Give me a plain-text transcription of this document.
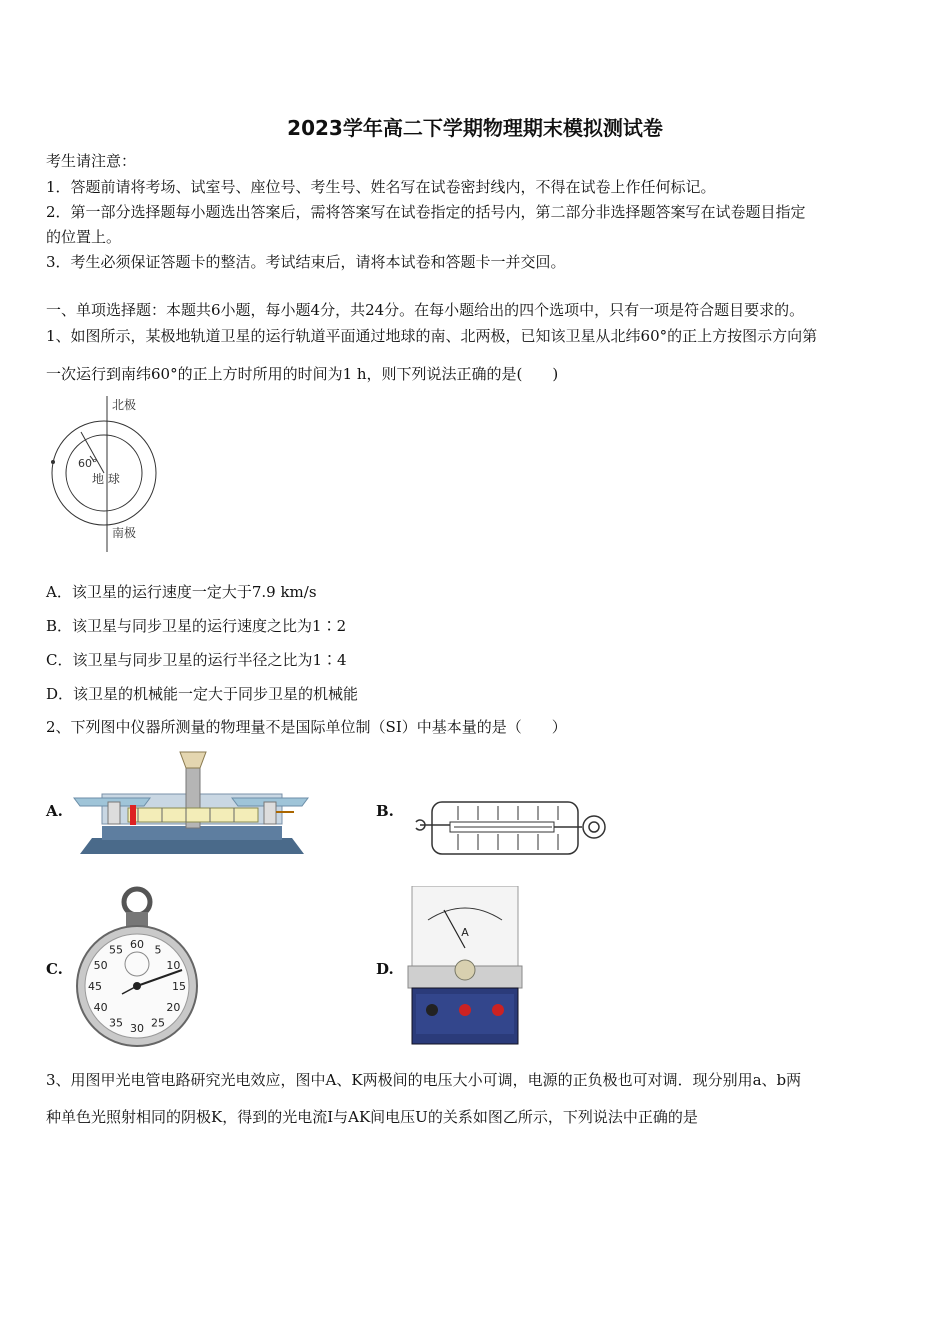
2023学年高二下学期物理期末模拟测试卷
考生请注意：
1．答题前请将考场、试室号、座位号、考生号、姓名写在试卷密封线内，不得在试卷上作任何标记。
2．第一部分选择题每小题选出答案后，需将答案写在试卷指定的括号内，第二部分非选择题答案写在试卷题目指定
的位置上。
3．考生必须保证答题卡的整洁。考试结束后，请将本试卷和答题卡一并交回。
一、单项选择题：本题共6小题，每小题4分，共24分。在每小题给出的四个选项中，只有一项是符合题目要求的。
1、如图所示，某极地轨道卫星的运行轨道平面通过地球的南、北两极，已知该卫星从北纬60°的正上方按图示方向第
一次运行到南纬60°的正上方时所用的时间为1 h，则下列说法正确的是(　　)
北极
南极
60°
地 球
A．该卫星的运行速度一定大于7.9 km/s
B．该卫星与同步卫星的运行速度之比为1∶2
C．该卫星与同步卫星的运行半径之比为1∶4
D．该卫星的机械能一定大于同步卫星的机械能
2、下列图中仪器所测量的物理量不是国际单位制（SI）中基本量的是（　　）
A.	B.
C.	D.
60 5
10
15
20
25
30
35
40
45
50
55
A
3、用图甲光电管电路研究光电效应，图中A、K两极间的电压大小可调，电源的正负极也可对调．现分别用a、b两
种单色光照射相同的阴极K，得到的光电流I与AK间电压U的关系如图乙所示，下列说法中正确的是
